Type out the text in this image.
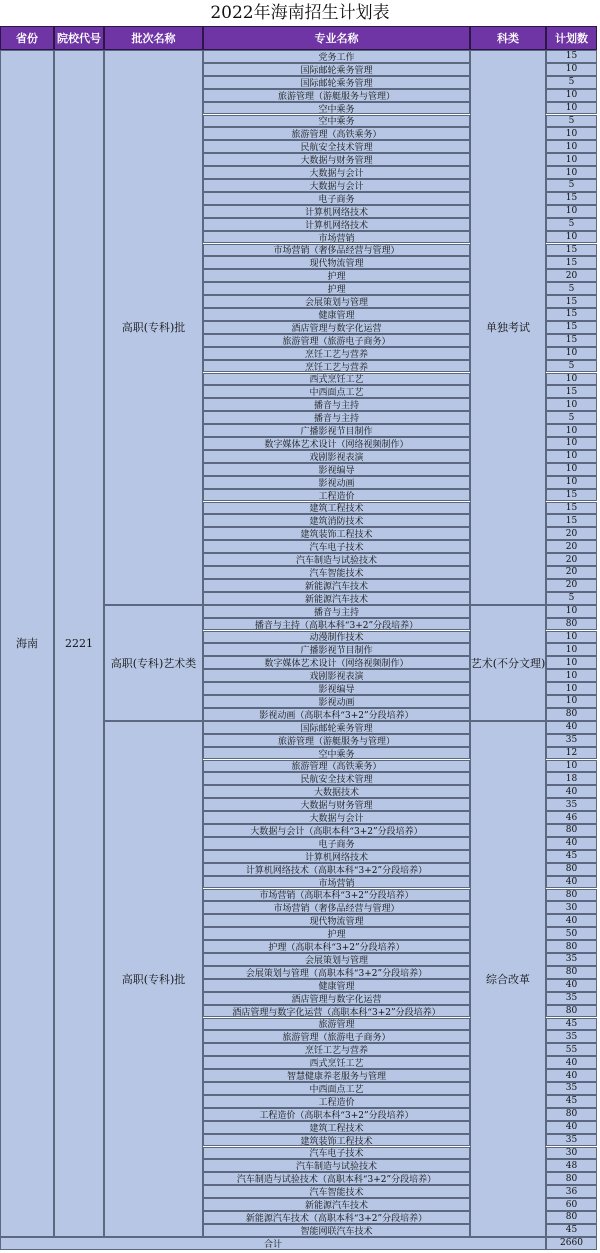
2022年海南招生计划表
省份	院校代号	批次名称	专业名称	科类	计划数
高职(专科)批	单独考试
党务工作	15
国际邮轮乘务管理	10
国际邮轮乘务管理	5
旅游管理（游艇服务与管理）	10
空中乘务	10
空中乘务	5
旅游管理（高铁乘务）	10
民航安全技术管理	10
大数据与财务管理	10
大数据与会计	10
大数据与会计	5
电子商务	15
计算机网络技术	10
计算机网络技术	5
市场营销	10
市场营销（奢侈品经营与管理）	15
现代物流管理	15
护理	20
护理	5
会展策划与管理	15
健康管理	15
酒店管理与数字化运营	15
旅游管理（旅游电子商务）	15
烹饪工艺与营养	10
烹饪工艺与营养	5
西式烹饪工艺	10
中西面点工艺	15
播音与主持	10
播音与主持	5
广播影视节目制作	10
数字媒体艺术设计（网络视频制作）	10
戏剧影视表演	10
影视编导	10
影视动画	10
工程造价	15
建筑工程技术	15
建筑消防技术	15
建筑装饰工程技术	20
汽车电子技术	20
汽车制造与试验技术	20
汽车智能技术	20
新能源汽车技术	20
新能源汽车技术	5
高职(专科)艺术类	艺术(不分文理)
播音与主持	10
播音与主持（高职本科“3+2”分段培养）	80
动漫制作技术	10
广播影视节目制作	10
数字媒体艺术设计（网络视频制作）	10
戏剧影视表演	10
影视编导	10
影视动画	10
影视动画（高职本科“3+2”分段培养）	80
高职(专科)批	综合改革
国际邮轮乘务管理	40
旅游管理（游艇服务与管理）	35
空中乘务	12
旅游管理（高铁乘务）	10
民航安全技术管理	18
大数据技术	40
大数据与财务管理	35
大数据与会计	46
大数据与会计（高职本科“3+2”分段培养）	80
电子商务	40
计算机网络技术	45
计算机网络技术（高职本科“3+2”分段培养）	80
市场营销	40
市场营销（高职本科“3+2”分段培养）	80
市场营销（奢侈品经营与管理）	30
现代物流管理	40
护理	50
护理（高职本科“3+2”分段培养）	80
会展策划与管理	35
会展策划与管理（高职本科“3+2”分段培养）	80
健康管理	40
酒店管理与数字化运营	35
酒店管理与数字化运营（高职本科“3+2”分段培养）	80
旅游管理	45
旅游管理（旅游电子商务）	35
烹饪工艺与营养	55
西式烹饪工艺	40
智慧健康养老服务与管理	40
中西面点工艺	35
工程造价	45
工程造价（高职本科“3+2”分段培养）	80
建筑工程技术	40
建筑装饰工程技术	35
汽车电子技术	30
汽车制造与试验技术	48
汽车制造与试验技术（高职本科“3+2”分段培养）	80
汽车智能技术	36
新能源汽车技术	60
新能源汽车技术（高职本科“3+2”分段培养）	80
智能网联汽车技术	45
海南	2221
合计	2660
